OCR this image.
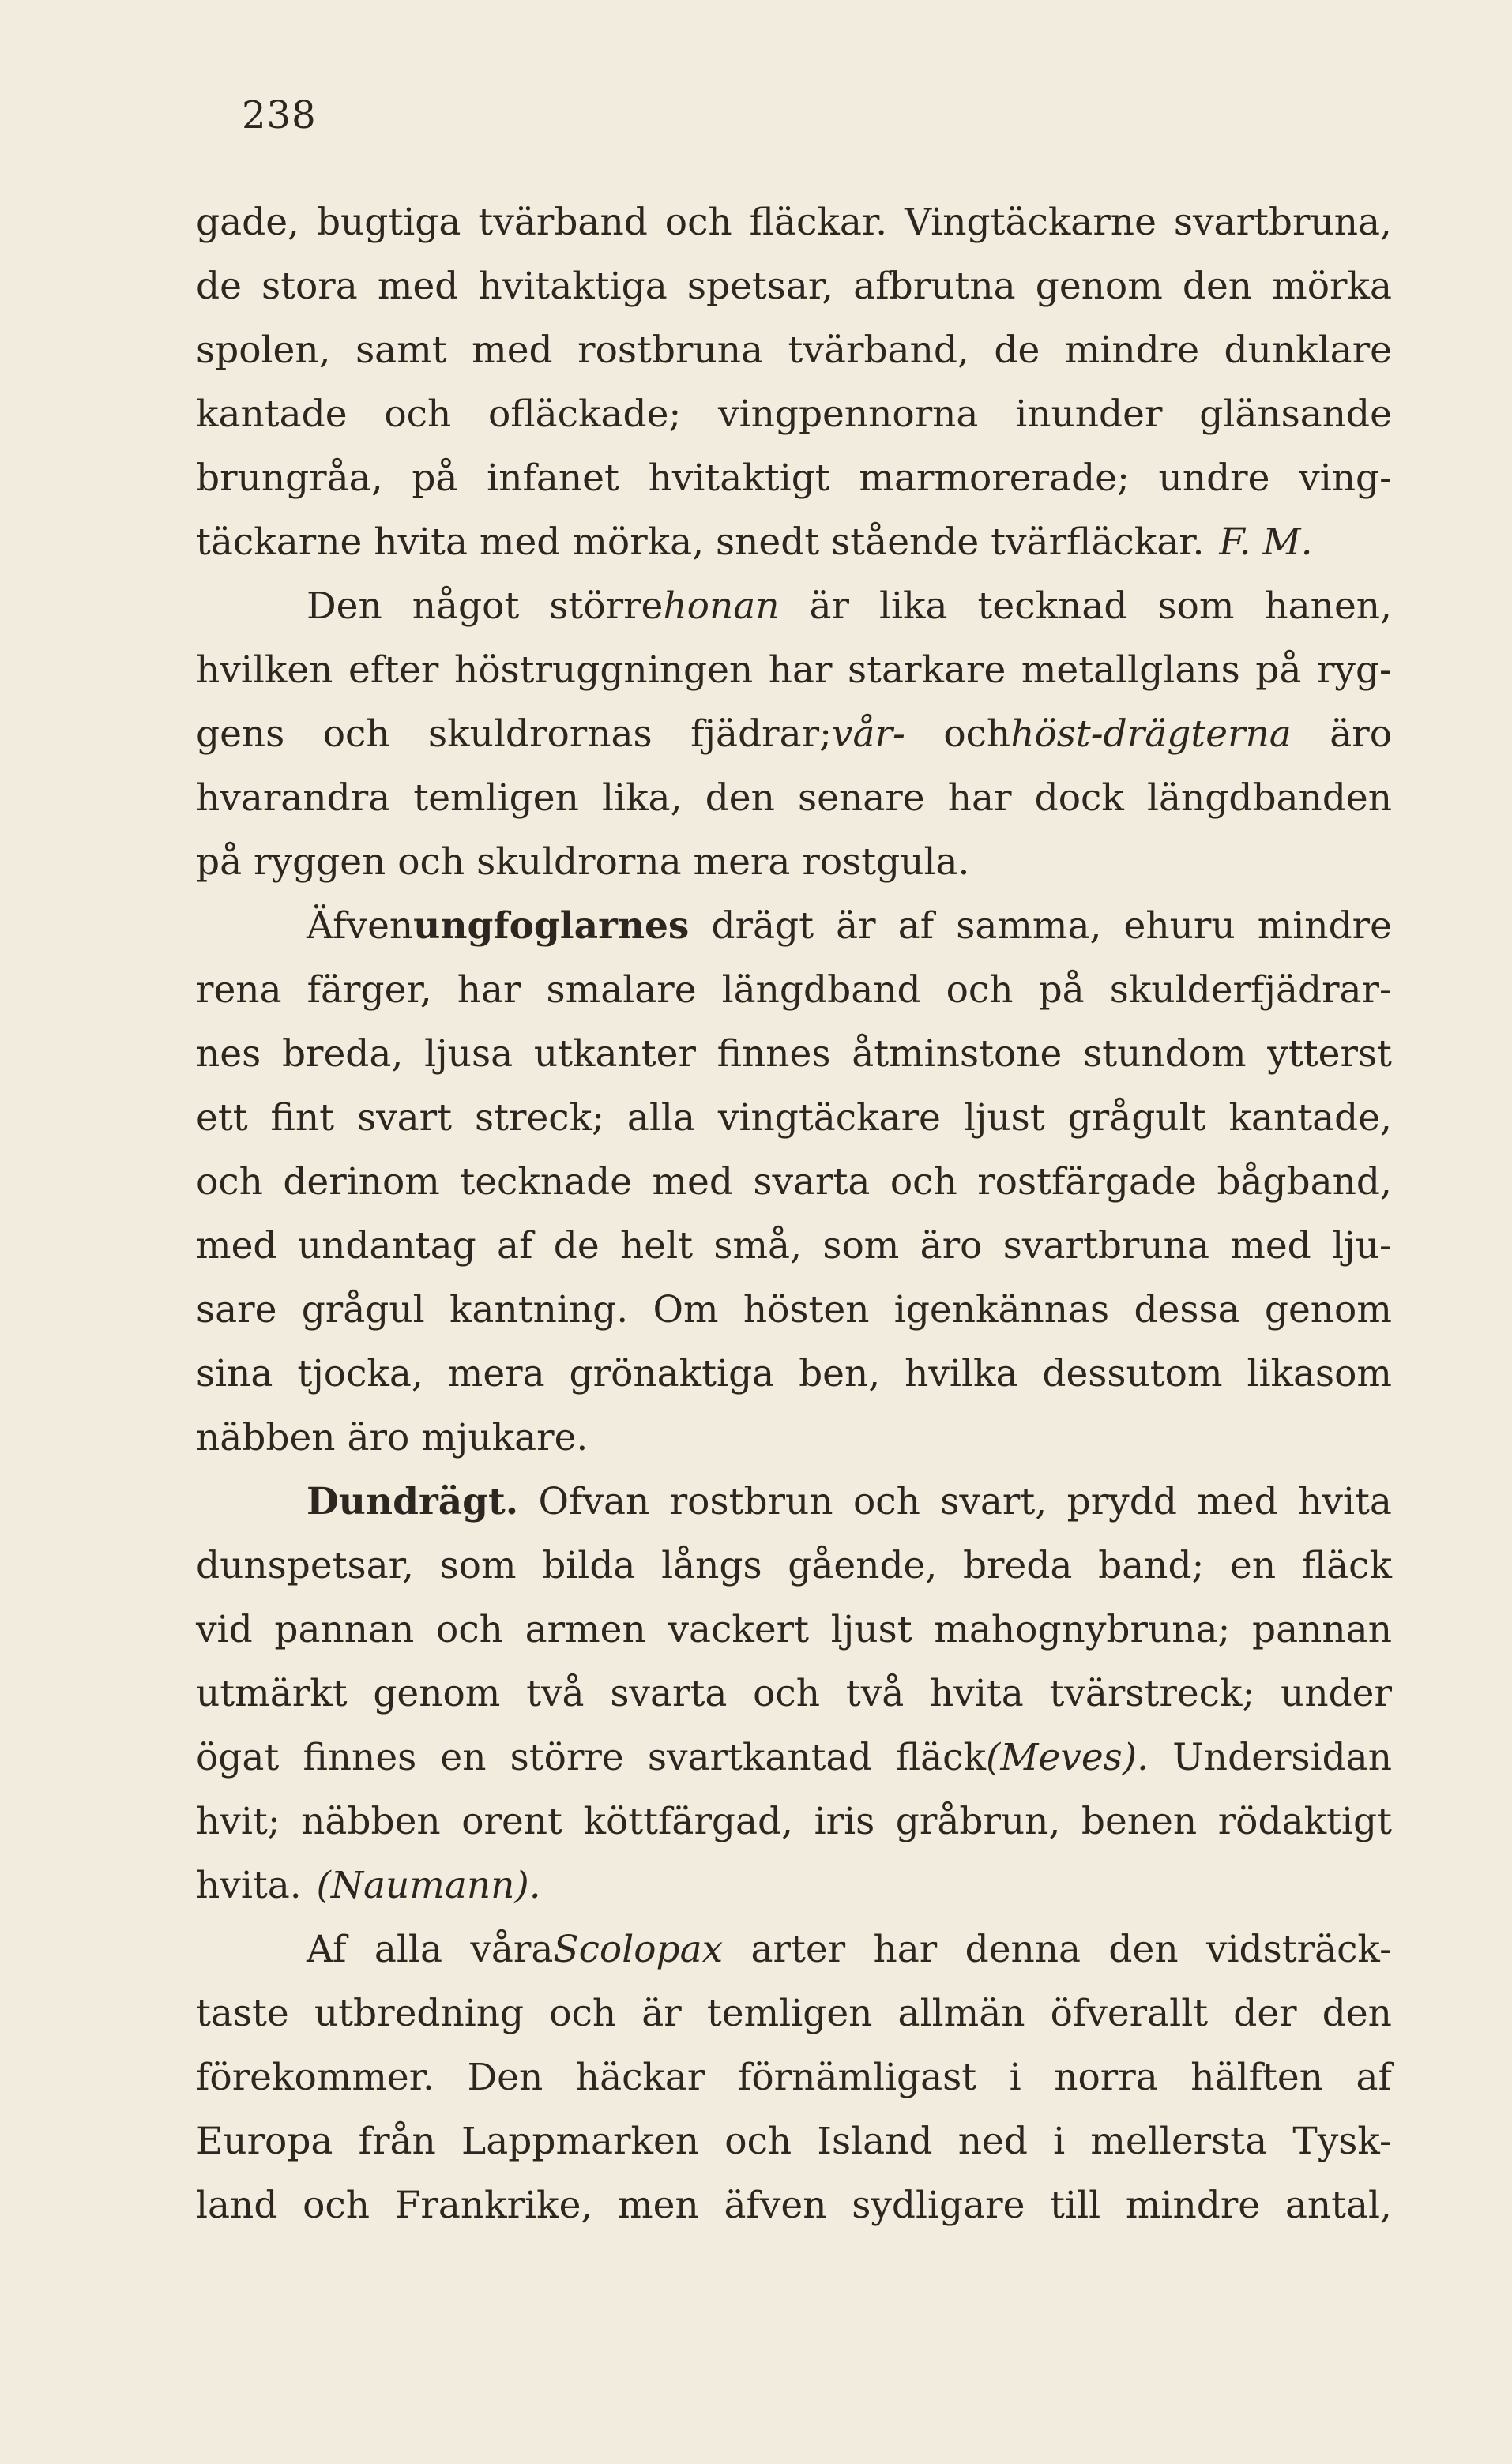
238
gade, bugtiga tvärband och fläckar. Vingtäckarne svartbruna,
de stora med hvitaktiga spetsar, afbrutna genom den mörka
spolen, samt med rostbruna tvärband, de mindre dunklare
kantade och ofläckade; vingpennorna inunder glänsande
brungråa, på infanet hvitaktigt marmorerade; undre ving-
täckarne hvita med mörka, snedt stående tvärfläckar. F. M.
Den något störrehonan är lika tecknad som hanen,
hvilken efter höstruggningen har starkare metallglans på ryg-
gens och skuldrornas fjädrar;vår- ochhöst-drägterna äro
hvarandra temligen lika, den senare har dock längdbanden
på ryggen och skuldrorna mera rostgula.
Äfvenungfoglarnes drägt är af samma, ehuru mindre
rena färger, har smalare längdband och på skulderfjädrar-
nes breda, ljusa utkanter finnes åtminstone stundom ytterst
ett fint svart streck; alla vingtäckare ljust grågult kantade,
och derinom tecknade med svarta och rostfärgade bågband,
med undantag af de helt små, som äro svartbruna med lju-
sare grågul kantning. Om hösten igenkännas dessa genom
sina tjocka, mera grönaktiga ben, hvilka dessutom likasom
näbben äro mjukare.
Dundrägt. Ofvan rostbrun och svart, prydd med hvita
dunspetsar, som bilda långs gående, breda band; en fläck
vid pannan och armen vackert ljust mahognybruna; pannan
utmärkt genom två svarta och två hvita tvärstreck; under
ögat finnes en större svartkantad fläck(Meves). Undersidan
hvit; näbben orent köttfärgad, iris gråbrun, benen rödaktigt
hvita. (Naumann).
Af alla våraScolopax arter har denna den vidsträck-
taste utbredning och är temligen allmän öfverallt der den
förekommer. Den häckar förnämligast i norra hälften af
Europa från Lappmarken och Island ned i mellersta Tysk-
land och Frankrike, men äfven sydligare till mindre antal,
